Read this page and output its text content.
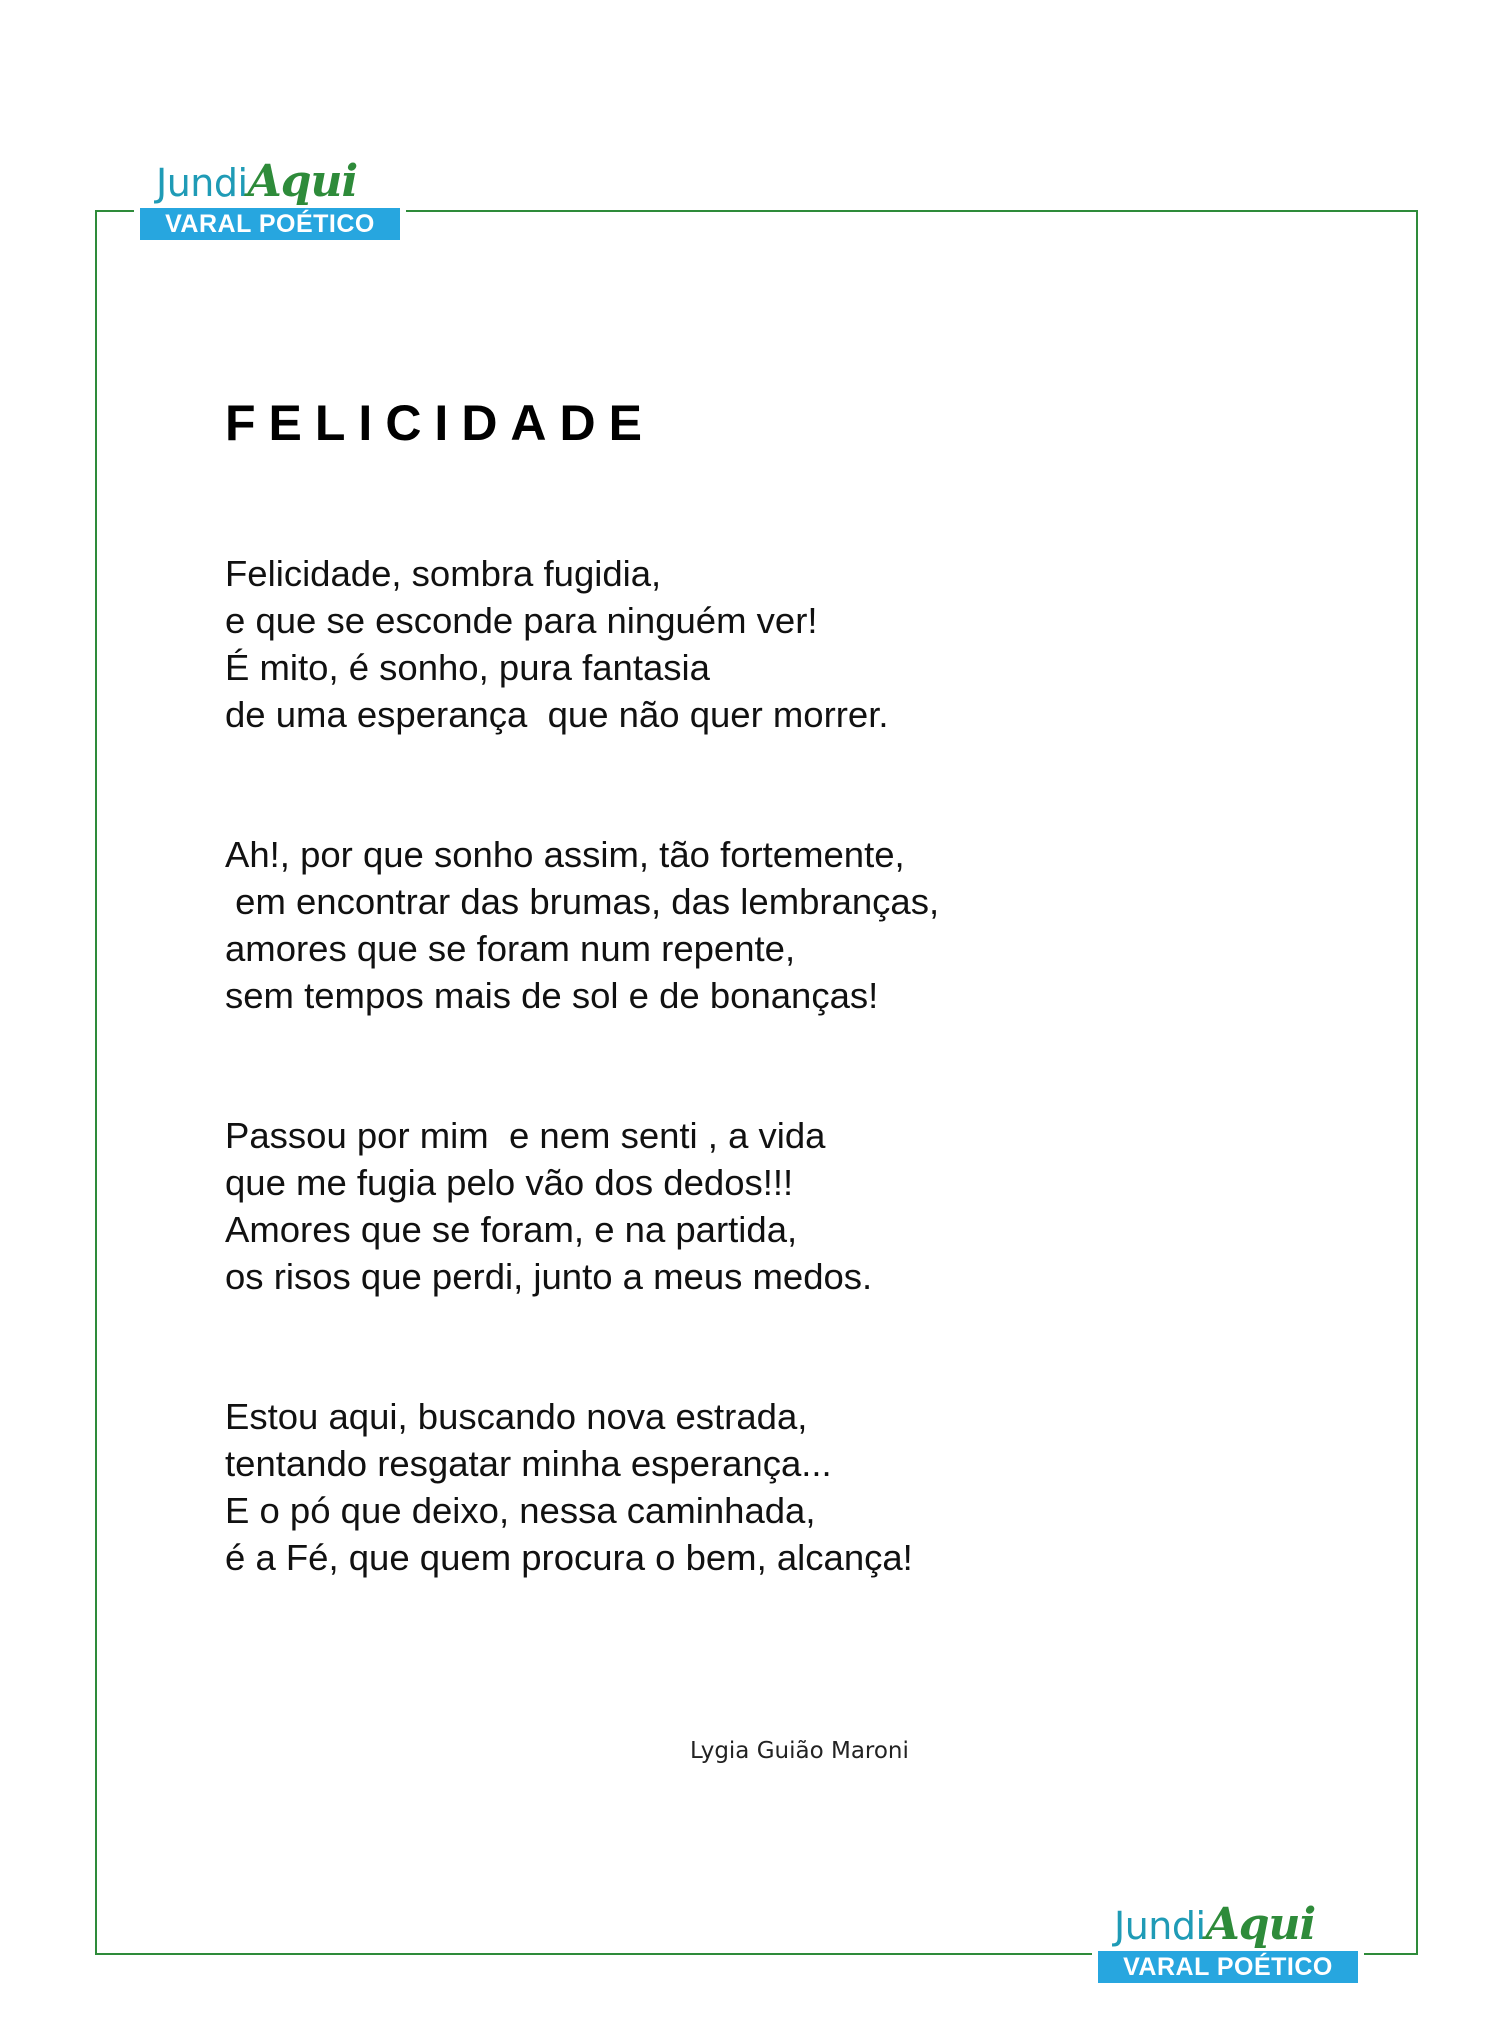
JundiAqui
VARAL POÉTICO
FELICIDADE
Felicidade, sombra fugidia,
e que se esconde para ninguém ver!
É mito, é sonho, pura fantasia
de uma esperança  que não quer morrer.
Ah!, por que sonho assim, tão fortemente,
em encontrar das brumas, das lembranças,
amores que se foram num repente,
sem tempos mais de sol e de bonanças!
Passou por mim  e nem senti , a vida
que me fugia pelo vão dos dedos!!!
Amores que se foram, e na partida,
os risos que perdi, junto a meus medos.
Estou aqui, buscando nova estrada,
tentando resgatar minha esperança...
E o pó que deixo, nessa caminhada,
é a Fé, que quem procura o bem, alcança!
Lygia Guião Maroni
JundiAqui
VARAL POÉTICO
